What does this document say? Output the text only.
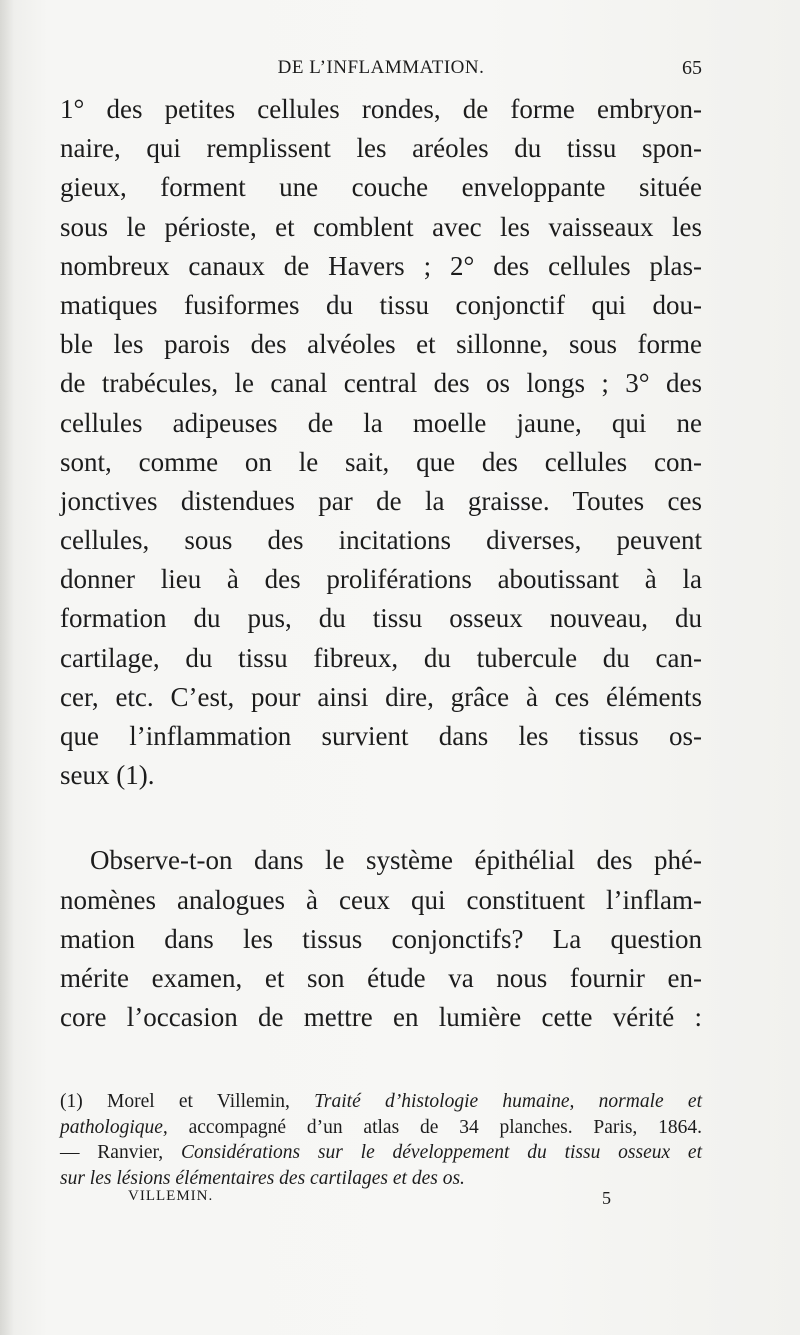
DE L’INFLAMMATION.	65
1° des petites cellules rondes, de forme embryon-
naire, qui remplissent les aréoles du tissu spon-
gieux, forment une couche enveloppante située
sous le périoste, et comblent avec les vaisseaux les
nombreux canaux de Havers ; 2° des cellules plas-
matiques fusiformes du tissu conjonctif qui dou-
ble les parois des alvéoles et sillonne, sous forme
de trabécules, le canal central des os longs ; 3° des
cellules adipeuses de la moelle jaune, qui ne
sont, comme on le sait, que des cellules con-
jonctives distendues par de la graisse. Toutes ces
cellules, sous des incitations diverses, peuvent
donner lieu à des proliférations aboutissant à la
formation du pus, du tissu osseux nouveau, du
cartilage, du tissu fibreux, du tubercule du can-
cer, etc. C’est, pour ainsi dire, grâce à ces éléments
que l’inflammation survient dans les tissus os-
seux (1).
Observe-t-on dans le système épithélial des phé-
nomènes analogues à ceux qui constituent l’inflam-
mation dans les tissus conjonctifs? La question
mérite examen, et son étude va nous fournir en-
core l’occasion de mettre en lumière cette vérité :
(1) Morel et Villemin, Traité d’histologie humaine, normale et
pathologique, accompagné d’un atlas de 34 planches. Paris, 1864.
— Ranvier, Considérations sur le développement du tissu osseux et
sur les lésions élémentaires des cartilages et des os.
VILLEMIN.	5
